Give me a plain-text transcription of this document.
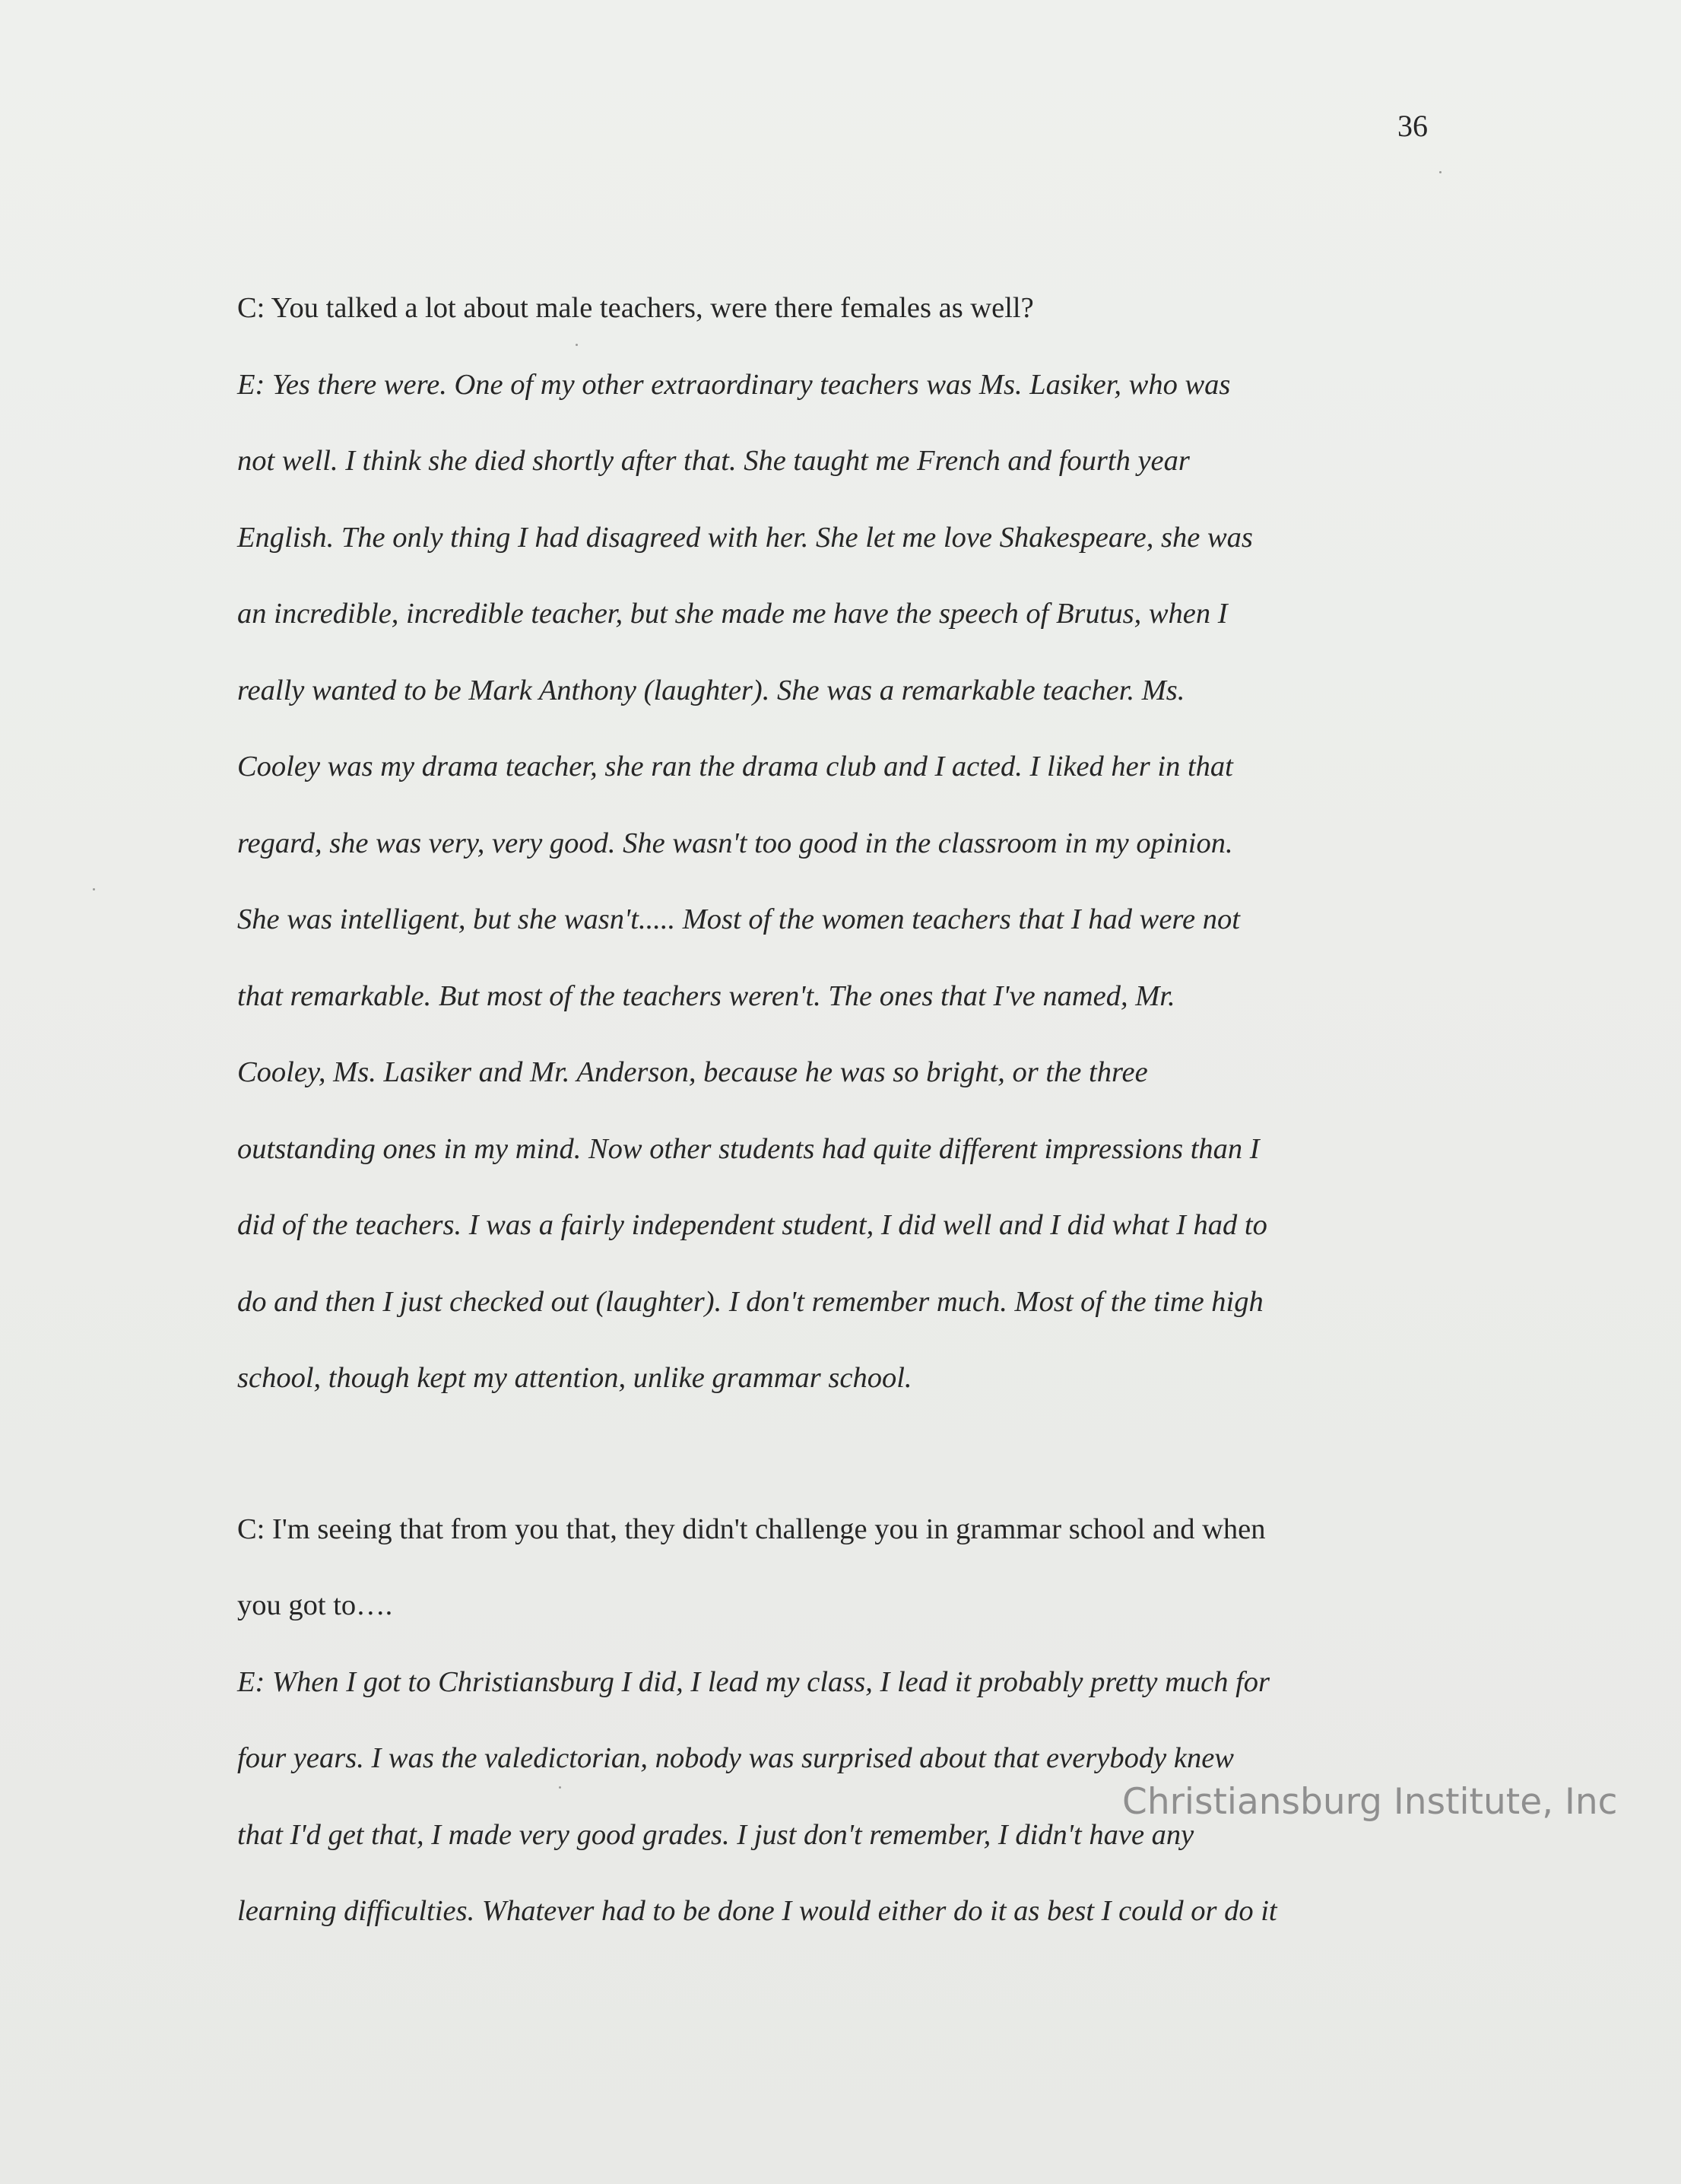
36
C: You talked a lot about male teachers, were there females as well?
E: Yes there were. One of my other extraordinary teachers was Ms. Lasiker, who was
not well. I think she died shortly after that. She taught me French and fourth year
English. The only thing I had disagreed with her. She let me love Shakespeare, she was
an incredible, incredible teacher, but she made me have the speech of Brutus, when I
really wanted to be Mark Anthony (laughter). She was a remarkable teacher. Ms.
Cooley was my drama teacher, she ran the drama club and I acted. I liked her in that
regard, she was very, very good. She wasn't too good in the classroom in my opinion.
She was intelligent, but she wasn't..... Most of the women teachers that I had were not
that remarkable. But most of the teachers weren't. The ones that I've named, Mr.
Cooley, Ms. Lasiker and Mr. Anderson, because he was so bright, or the three
outstanding ones in my mind. Now other students had quite different impressions than I
did of the teachers. I was a fairly independent student, I did well and I did what I had to
do and then I just checked out (laughter). I don't remember much. Most of the time high
school, though kept my attention, unlike grammar school.
C: I'm seeing that from you that, they didn't challenge you in grammar school and when
you got to….
E: When I got to Christiansburg I did, I lead my class, I lead it probably pretty much for
four years. I was the valedictorian, nobody was surprised about that everybody knew
that I'd get that, I made very good grades. I just don't remember, I didn't have any
learning difficulties. Whatever had to be done I would either do it as best I could or do it
Christiansburg Institute, Inc
